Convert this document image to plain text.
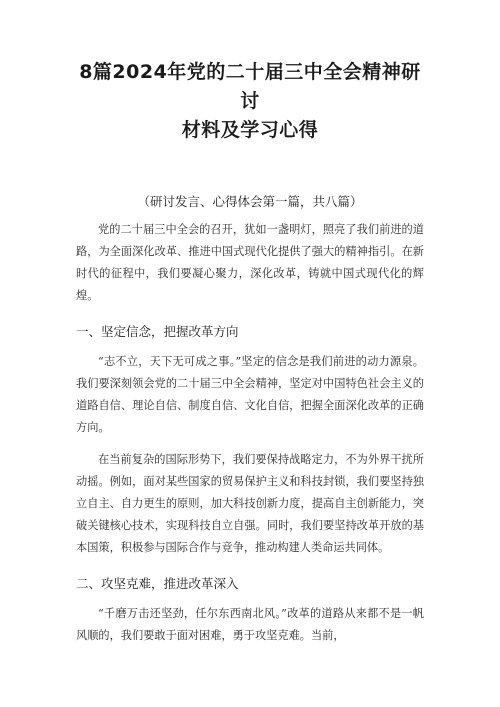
8篇2024年党的二十届三中全会精神研讨
材料及学习心得
（研讨发言、心得体会第一篇，共八篇）

党的二十届三中全会的召开，犹如一盏明灯，照亮了我们前进的道路，为全面深化改革、推进中国式现代化提供了强大的精神指引。在新时代的征程中，我们要凝心聚力，深化改革，铸就中国式现代化的辉煌。

一、坚定信念，把握改革方向

“志不立，天下无可成之事。”坚定的信念是我们前进的动力源泉。我们要深刻领会党的二十届三中全会精神，坚定对中国特色社会主义的道路自信、理论自信、制度自信、文化自信，把握全面深化改革的正确方向。

在当前复杂的国际形势下，我们要保持战略定力，不为外界干扰所动摇。例如，面对某些国家的贸易保护主义和科技封锁，我们要坚持独立自主、自力更生的原则，加大科技创新力度，提高自主创新能力，突破关键核心技术，实现科技自立自强。同时，我们要坚持改革开放的基本国策，积极参与国际合作与竞争，推动构建人类命运共同体。

二、攻坚克难，推进改革深入

“千磨万击还坚劲，任尔东西南北风。”改革的道路从来都不是一帆风顺的，我们要敢于面对困难，勇于攻坚克难。当前，
